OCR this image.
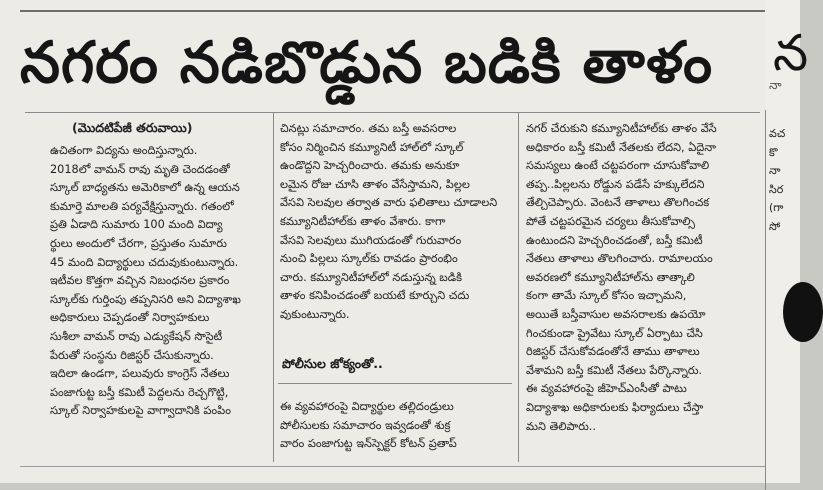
నగరం నడిబొడ్డున బడికి తాళం
(మొదటిపేజీ తరువాయి)
ఉచితంగా విద్యను అందిస్తున్నారు.
2018లో వామన్ రావు మృతి చెందడంతో
స్కూల్ బాధ్యతను అమెరికాలో ఉన్న ఆయన
కుమార్తె మాలతి పర్యవేక్షిస్తున్నారు. గతంలో
ప్రతి ఏడాది సుమారు 100 మంది విద్యా
ర్థులు అందులో చేరగా, ప్రస్తుతం సుమారు
45 మంది విద్యార్థులు చదువుకుంటున్నారు.
ఇటీవల కొత్తగా వచ్చిన నిబంధనల ప్రకారం
స్కూల్‌కు గుర్తింపు తప్పనిసరి అని విద్యాశాఖ
అధికారులు చెప్పడంతో నిర్వాహకులు
సుశీలా వామన్ రావు ఎడ్యుకేషన్ సొసైటీ
పేరుతో సంస్థను రిజిస్టర్ చేసుకున్నారు.
ఇదిలా ఉండగా, పలువురు కాంగ్రెస్ నేతలు
పంజాగుట్ట బస్తీ కమిటీ పెద్దలను రెచ్చగొట్టి,
స్కూల్ నిర్వాహకులపై వాగ్వాదానికి పంపిం
చినట్లు సమాచారం. తమ బస్తీ అవసరాల
కోసం నిర్మించిన కమ్యూనిటీ హాల్‌లో స్కూల్
ఉండొద్దని హెచ్చరించారు. తమకు అనుకూ
లమైన రోజు చూసి తాళం వేసేస్తామని, పిల్లల
వేసవి సెలవుల తర్వాత వారు ఫలితాలు చూడాలని
కమ్యూనిటీహాల్‌కు తాళం వేశారు. కాగా
వేసవి సెలవులు ముగియడంతో గురువారం
నుంచి పిల్లలు స్కూల్‌కు రావడం ప్రారంభిం
చారు. కమ్యూనిటీహాల్‌లో నడుస్తున్న బడికి
తాళం కనిపించడంతో బయటే కూర్చుని చదు
వుకుంటున్నారు.
పోలీసుల జోక్యంతో..
ఈ వ్యవహారంపై విద్యార్థుల తల్లిదండ్రులు
పోలీసులకు సమాచారం ఇవ్వడంతో శుక్ర
వారం పంజాగుట్ట ఇన్‌స్పెక్టర్ కోటన్ ప్రతాప్
నగర్ చేరుకుని కమ్యూనిటీహాల్‌కు తాళం వేసే
అధికారం బస్తీ కమిటీ నేతలకు లేదని, ఏదైనా
సమస్యలు ఉంటే చట్టపరంగా చూసుకోవాలి
తప్ప..పిల్లలను రోడ్డున పడేసే హక్కులేదని
తేల్చిచెప్పారు. వెంటనే తాళాలు తొలగించక
పోతే చట్టపరమైన చర్యలు తీసుకోవాల్సి
ఉంటుందని హెచ్చరించడంతో, బస్తీ కమిటీ
నేతలు తాళాలు తొలగించారు. రామాలయం
అవరణలో కమ్యూనిటీహాల్‌ను తాత్కాలి
కంగా తామే స్కూల్ కోసం ఇచ్చామని,
అయితే బస్తీవాసుల అవసరాలకు ఉపయో
గించకుండా ప్రైవేటు స్కూల్ ఏర్పాటు చేసి
రిజిస్టర్ చేసుకోవడంతోనే తాము తాళాలు
వేశామని బస్తీ కమిటీ నేతలు పేర్కొన్నారు.
ఈ వ్యవహారంపై జీహెచ్‌ఎంసీతో పాటు
విద్యాశాఖ అధికారులకు ఫిర్యాదులు చేస్తా
మని తెలిపారు..
న
నా
వచ
కొ
నా
సిర
(గా
సో
